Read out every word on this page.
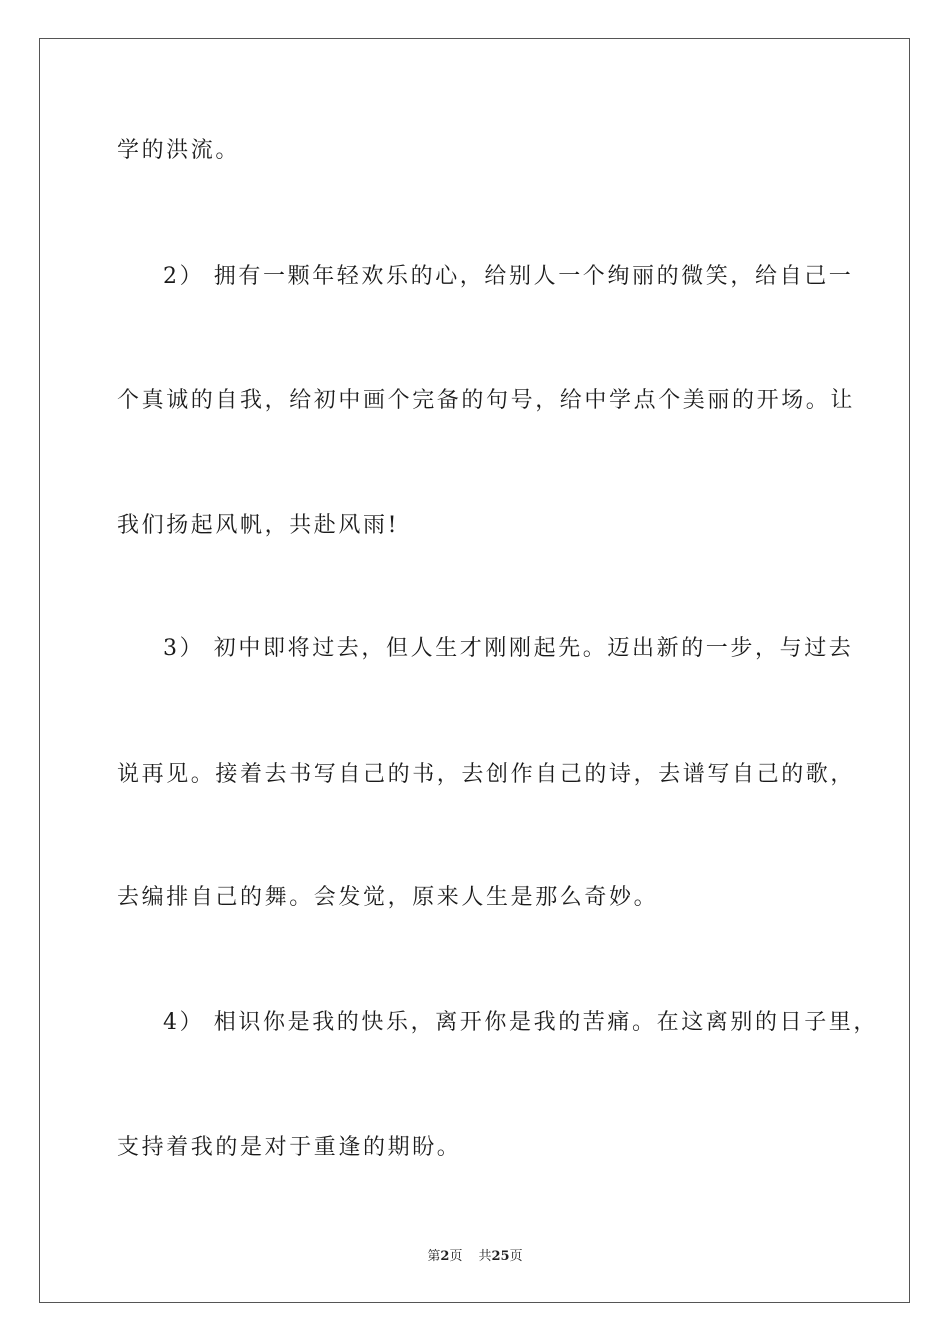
学的洪流。
2） 拥有一颗年轻欢乐的心，给别人一个绚丽的微笑，给自己一
个真诚的自我，给初中画个完备的句号，给中学点个美丽的开场。让
我们扬起风帆，共赴风雨!
3） 初中即将过去，但人生才刚刚起先。迈出新的一步，与过去
说再见。接着去书写自己的书，去创作自己的诗，去谱写自己的歌，
去编排自己的舞。会发觉，原来人生是那么奇妙。
4） 相识你是我的快乐，离开你是我的苦痛。在这离别的日子里，
支持着我的是对于重逢的期盼。
第2页 共25页
